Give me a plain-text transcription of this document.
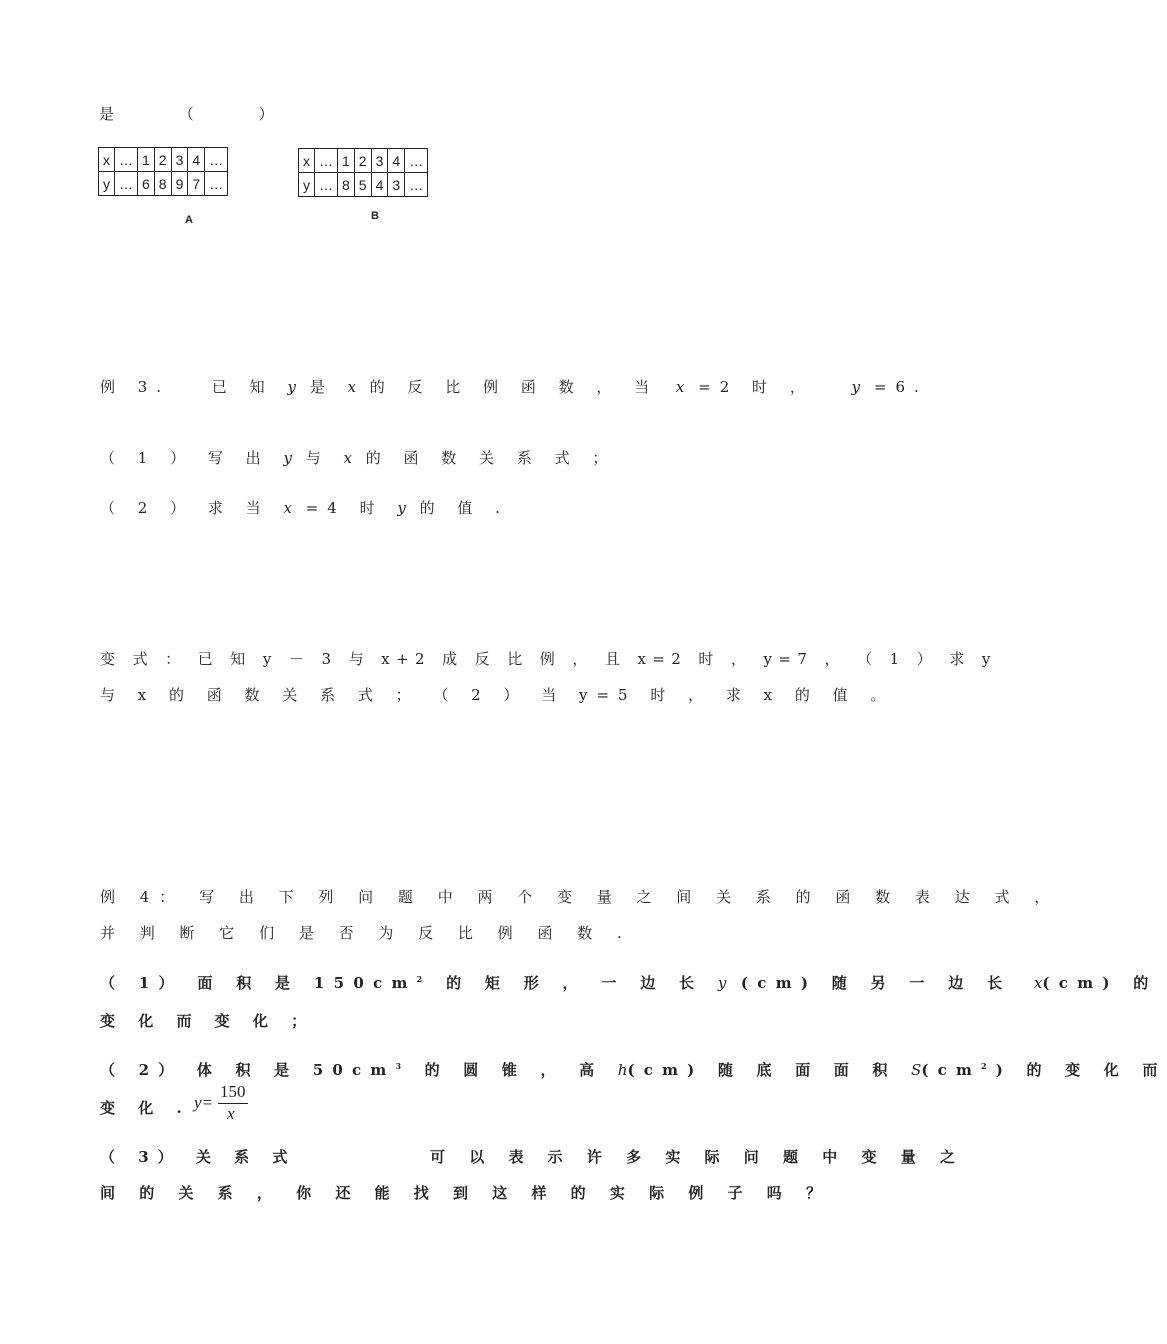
是	（	）
x	…	1	2	3	4	…
y	…	6	8	9	7	…
A
x	…	1	2	3	4	…
y	…	8	5	4	3	…
B
例 3.	已 知 y 是 x 的 反 比 例 函 数 ， 当 x =2 时 ，	y =6.
（ 1 ） 写 出 y 与 x 的 函 数 关 系 式 ；
（ 2 ） 求 当 x =4 时 y 的 值 .
变 式 ： 已 知 y － 3 与 x+2 成 反 比 例 ， 且 x=2 时 ， y=7 ， （ 1 ） 求 y
与 x 的 函 数 关 系 式 ； （ 2 ） 当 y=5 时 ， 求 x 的 值 。
例 4： 写 出 下 列 问 题 中 两 个 变 量 之 间 关 系 的 函 数 表 达 式 ，
并 判 断 它 们 是 否 为 反 比 例 函 数 .
（ 1） 面 积 是 $150cm^2$ 的 矩 形 ， 一 边 长 y (cm) 随 另 一 边 长 x(cm) 的
变 化 而 变 化 ；
（ 2） 体 积 是 $50cm^3$ 的 圆 锥 ， 高 h(cm) 随 底 面 面 积 $S(cm^2)$ 的 变 化 而
变 化 . y=
150
x
（ 3） 关 系 式	可 以 表 示 许 多 实 际 问 题 中 变 量 之
间 的 关 系 ， 你 还 能 找 到 这 样 的 实 际 例 子 吗 ？
